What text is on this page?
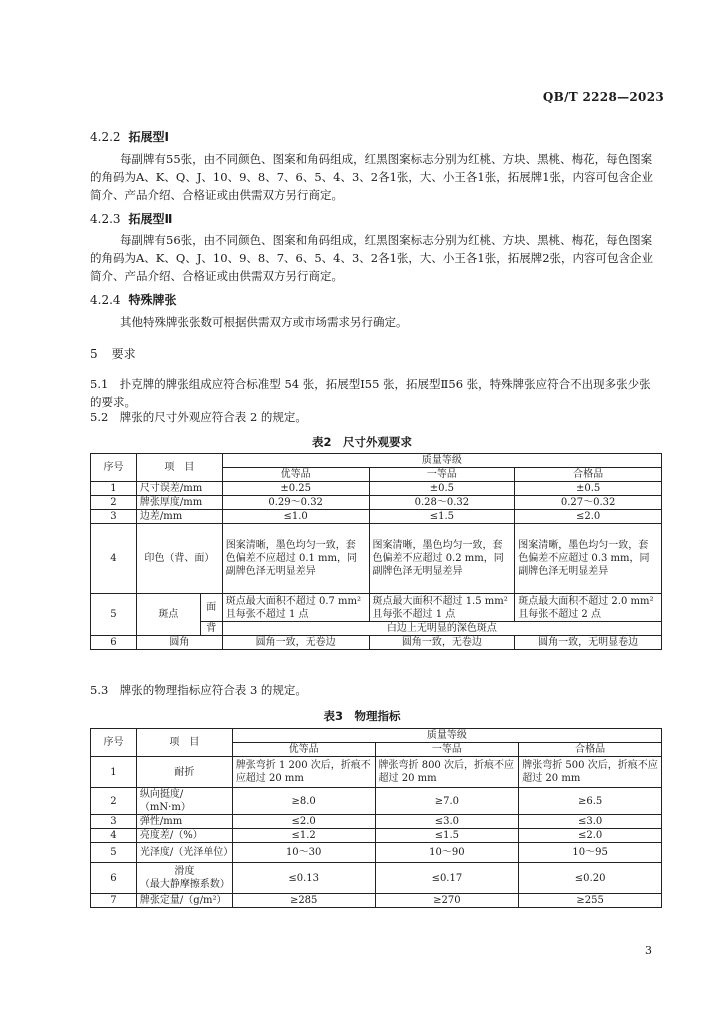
QB/T 2228—2023
4.2.2 拓展型Ⅰ
每副牌有55张，由不同颜色、图案和角码组成，红黑图案标志分别为红桃、方块、黑桃、梅花，每色图案的角码为A、K、Q、J、10、9、8、7、6、5、4、3、2各1张，大、小王各1张，拓展牌1张，内容可包含企业简介、产品介绍、合格证或由供需双方另行商定。
4.2.3 拓展型Ⅱ
每副牌有56张，由不同颜色、图案和角码组成，红黑图案标志分别为红桃、方块、黑桃、梅花，每色图案的角码为A、K、Q、J、10、9、8、7、6、5、4、3、2各1张，大、小王各1张，拓展牌2张，内容可包含企业简介、产品介绍、合格证或由供需双方另行商定。
4.2.4 特殊牌张
其他特殊牌张张数可根据供需双方或市场需求另行确定。
5 要求
5.1　扑克牌的牌张组成应符合标准型 54 张，拓展型Ⅰ55 张，拓展型Ⅱ56 张，特殊牌张应符合不出现多张少张的要求。
5.2　牌张的尺寸外观应符合表 2 的规定。
表2　尺寸外观要求
序号	项　目		质量等级		
			优等品	一等品	合格品
1	尺寸误差/mm		±0.25	±0.5	±0.5
2	牌张厚度/mm		0.29～0.32	0.28～0.32	0.27～0.32
3	边差/mm		≤1.0	≤1.5	≤2.0
4	印色（背、面）		图案清晰，墨色均匀一致，套色偏差不应超过 0.1 mm，同副牌色泽无明显差异	图案清晰，墨色均匀一致，套色偏差不应超过 0.2 mm，同副牌色泽无明显差异	图案清晰，墨色均匀一致，套色偏差不应超过 0.3 mm，同副牌色泽无明显差异
5	斑点	面	斑点最大面积不超过 0.7 mm² 且每张不超过 1 点	斑点最大面积不超过 1.5 mm² 且每张不超过 1 点	斑点最大面积不超过 2.0 mm² 且每张不超过 2 点
		背	白边上无明显的深色斑点		
6	圆角		圆角一致，无卷边	圆角一致，无卷边	圆角一致，无明显卷边
5.3　牌张的物理指标应符合表 3 的规定。
表3　物理指标
序号	项　目	质量等级		
		优等品	一等品	合格品
1	耐折	牌张弯折 1 200 次后，折痕不应超过 20 mm	牌张弯折 800 次后，折痕不应超过 20 mm	牌张弯折 500 次后，折痕不应超过 20 mm
2	纵向挺度/（mN·m）	≥8.0	≥7.0	≥6.5
3	弹性/mm	≤2.0	≤3.0	≤3.0
4	亮度差/（%）	≤1.2	≤1.5	≤2.0
5	光泽度/（光泽单位）	10～30	10～90	10～95
6	滑度
（最大静摩擦系数）	≤0.13	≤0.17	≤0.20
7	牌张定量/（g/m²）	≥285	≥270	≥255
3
